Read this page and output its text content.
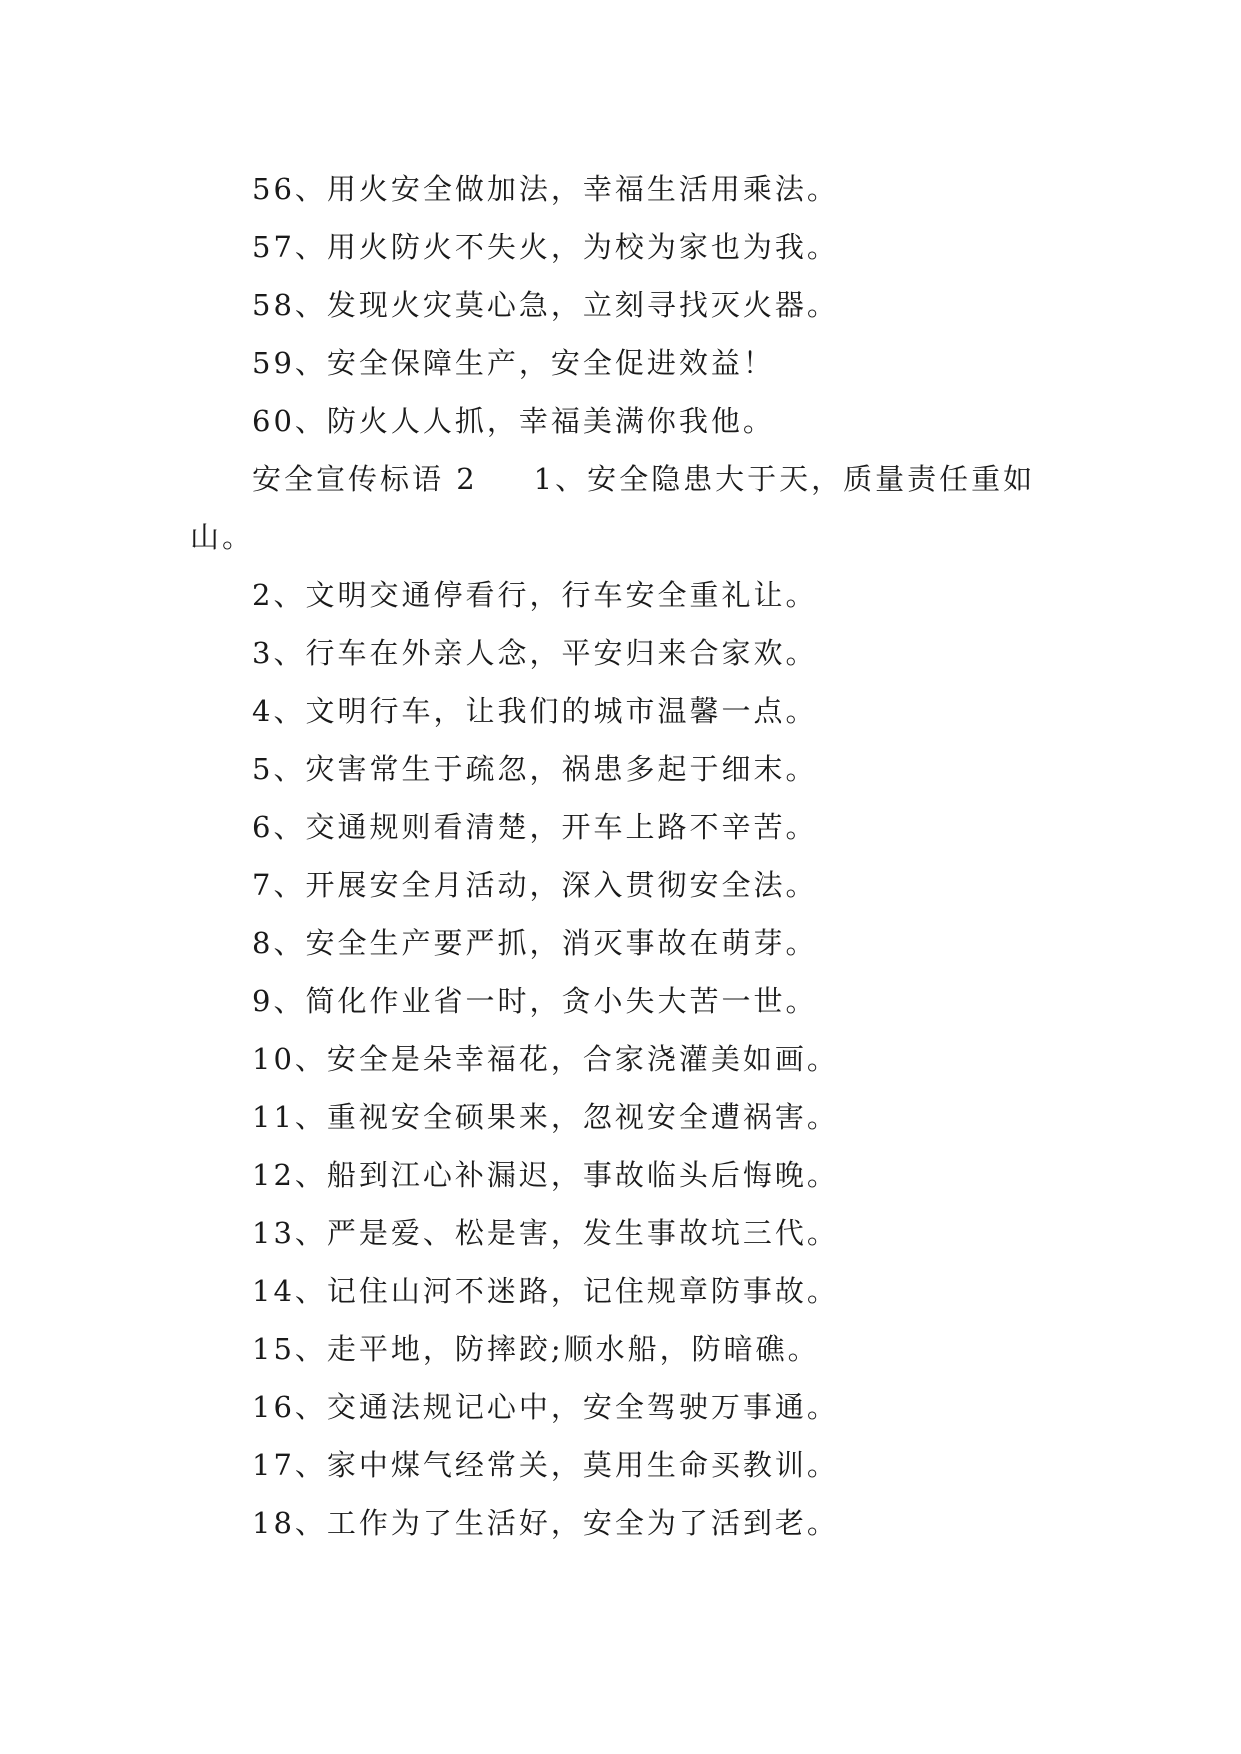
56、用火安全做加法，幸福生活用乘法。
57、用火防火不失火，为校为家也为我。
58、发现火灾莫心急，立刻寻找灭火器。
59、安全保障生产，安全促进效益！
60、防火人人抓，幸福美满你我他。
安全宣传标语 2 1、安全隐患大于天，质量责任重如
山。
2、文明交通停看行，行车安全重礼让。
3、行车在外亲人念，平安归来合家欢。
4、文明行车，让我们的城市温馨一点。
5、灾害常生于疏忽，祸患多起于细末。
6、交通规则看清楚，开车上路不辛苦。
7、开展安全月活动，深入贯彻安全法。
8、安全生产要严抓，消灭事故在萌芽。
9、简化作业省一时，贪小失大苦一世。
10、安全是朵幸福花，合家浇灌美如画。
11、重视安全硕果来，忽视安全遭祸害。
12、船到江心补漏迟，事故临头后悔晚。
13、严是爱、松是害，发生事故坑三代。
14、记住山河不迷路，记住规章防事故。
15、走平地，防摔跤;顺水船，防暗礁。
16、交通法规记心中，安全驾驶万事通。
17、家中煤气经常关，莫用生命买教训。
18、工作为了生活好，安全为了活到老。
